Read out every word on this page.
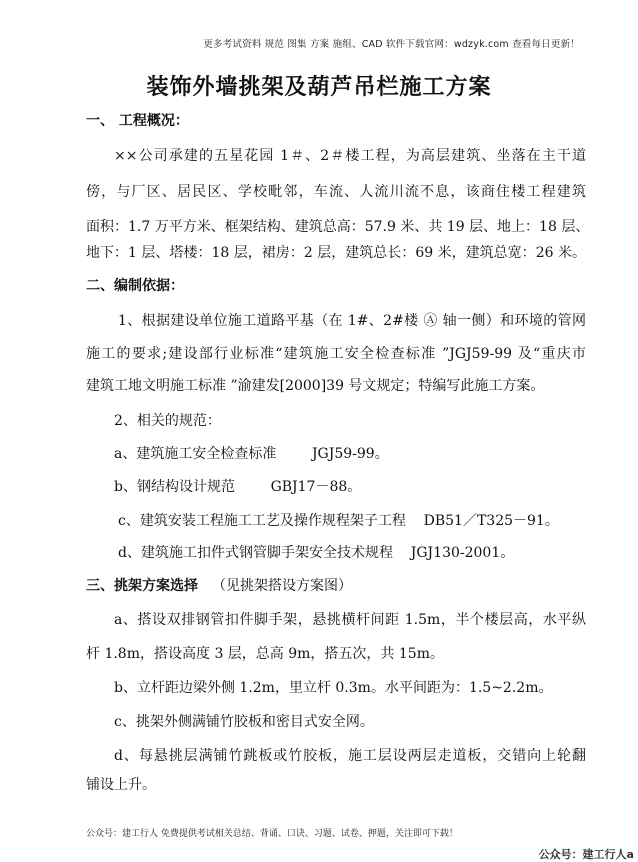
更多考试资料 规范 图集 方案 施组、CAD 软件下载官网：wdzyk.com 查看每日更新！
装饰外墙挑架及葫芦吊栏施工方案
一、 工程概况：
××公司承建的五星花园 1＃、2＃楼工程，为高层建筑、坐落在主干道
傍，与厂区、居民区、学校毗邻，车流、人流川流不息，该商住楼工程建筑
面积：1.7 万平方米、框架结构、建筑总高：57.9 米、共 19 层、地上：18 层、
地下：1 层、塔楼：18 层，裙房：2 层，建筑总长：69 米，建筑总宽：26 米。
二、编制依据：
1、根据建设单位施工道路平基（在 1#、2#楼 Ⓐ 轴一侧）和环境的管网
施工的要求;建设部行业标准“建筑施工安全检查标准 ”JGJ59-99 及“重庆市
建筑工地文明施工标准 ”渝建发[2000]39 号文规定；特编写此施工方案。
2、相关的规范：
a、建筑施工安全检查标准        JGJ59-99。
b、钢结构设计规范        GBJ17－88。
c、建筑安装工程施工工艺及操作规程架子工程    DB51／T325－91。
d、建筑施工扣件式钢管脚手架安全技术规程    JGJ130-2001。
三、挑架方案选择 （见挑架搭设方案图）
a、搭设双排钢管扣件脚手架，悬挑横杆间距 1.5m，半个楼层高，水平纵
杆 1.8m，搭设高度 3 层，总高 9m，搭五次，共 15m。
b、立杆距边梁外侧 1.2m，里立杆 0.3m。水平间距为：1.5~2.2m。
c、挑架外侧满铺竹胶板和密目式安全网。
d、每悬挑层满铺竹跳板或竹胶板，施工层设两层走道板，交错向上轮翻
铺设上升。
公众号：建工行人 免费提供考试相关总结、背诵、口诀、习题、试卷、押题，关注即可下载！
公众号：建工行人a
